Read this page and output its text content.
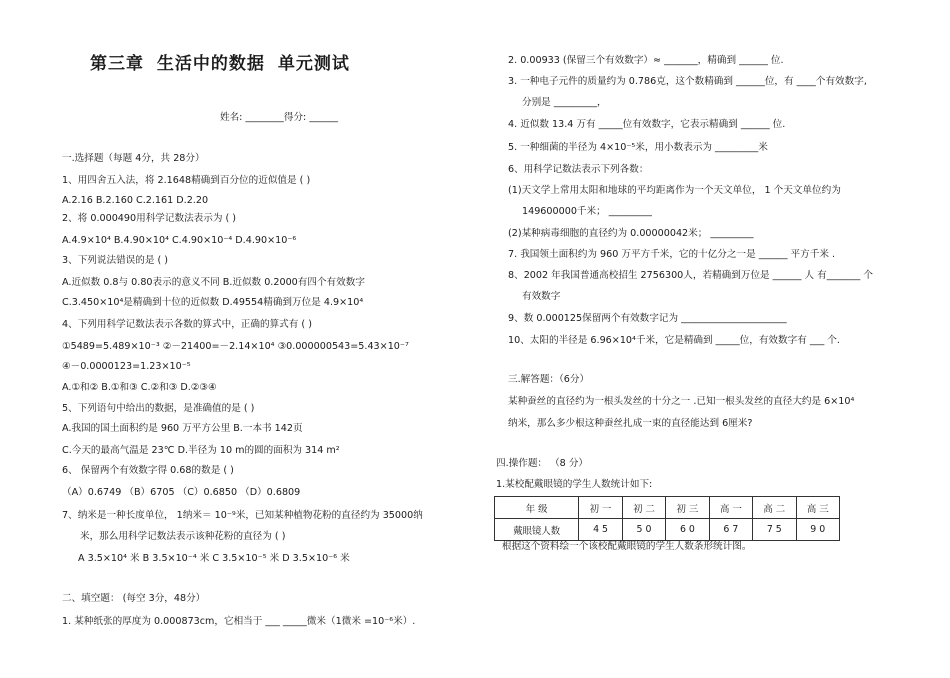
第三章 生活中的数据 单元测试
姓名: ________得分: ______
一.选择题（每题 4分，共 28分）
1、用四舍五入法，将 2.1648精确到百分位的近似值是 ( )
A.2.16 B.2.160 C.2.161 D.2.20
2、将 0.000490用科学记数法表示为 ( )
A.4.9×10⁴ B.4.90×10⁴ C.4.90×10⁻⁴ D.4.90×10⁻⁶
3、下列说法错误的是 ( )
A.近似数 0.8与 0.80表示的意义不同 B.近似数 0.2000有四个有效数字
C.3.450×10⁴是精确到十位的近似数 D.49554精确到万位是 4.9×10⁴
4、下列用科学记数法表示各数的算式中，正确的算式有 ( )
①5489=5.489×10⁻³ ②－21400=－2.14×10⁴ ③0.000000543=5.43×10⁻⁷
④－0.0000123=1.23×10⁻⁵
A.①和② B.①和③ C.②和③ D.②③④
5、下列语句中给出的数据，是准确值的是 ( )
A.我国的国土面积约是 960 万平方公里 B.一本书 142页
C.今天的最高气温是 23℃ D.半径为 10 m的圆的面积为 314 m²
6、 保留两个有效数字得 0.68的数是 ( )
（A）0.6749 （B）6705 （C）0.6850 （D）0.6809
7、纳米是一种长度单位， 1纳米＝ 10⁻⁹米，已知某种植物花粉的直径约为 35000纳
米，那么用科学记数法表示该种花粉的直径为 ( )
A 3.5×10⁴ 米 B 3.5×10⁻⁴ 米 C 3.5×10⁻⁵ 米 D 3.5×10⁻⁶ 米
二、填空题： (每空 3分，48分）
1. 某种纸张的厚度为 0.000873cm，它相当于 ___ _____微米（1微米 =10⁻⁶米）.
2. 0.00933 (保留三个有效数字）≈ _______，精确到 ______ 位.
3. 一种电子元件的质量约为 0.786克，这个数精确到 ______位，有 ____个有效数字,
分别是 _________，
4. 近似数 13.4 万有 _____位有效数字，它表示精确到 ______ 位.
5. 一种细菌的半径为 4×10⁻⁵米，用小数表示为 _________米
6、用科学记数法表示下列各数：
(1)天文学上常用太阳和地球的平均距离作为一个天文单位， 1 个天文单位约为
149600000千米； _________
(2)某种病毒细胞的直径约为 0.00000042米； _________
7. 我国领土面积约为 960 万平方千米，它的十亿分之一是 ______ 平方千米 .
8、2002 年我国普通高校招生 2756300人，若精确到万位是 ______ 人 有_______ 个
有效数字
9、数 0.000125保留两个有效数字记为 ______________________
10、太阳的半径是 6.96×10⁴千米，它是精确到 _____位，有效数字有 ___ 个.
三.解答题：（6分）
某种蚕丝的直径约为一根头发丝的十分之一 .已知一根头发丝的直径大约是 6×10⁴
纳米，那么多少根这种蚕丝扎成一束的直径能达到 6厘米?
四.操作题： （8 分）
1.某校配戴眼镜的学生人数统计如下:
年 级	初 一	初 二	初 三	高 一	高 二	高 三
戴眼镜人数	4 5	5 0	6 0	6 7	7 5	9 0
根据这个资料绘一个该校配戴眼镜的学生人数条形统计图。
